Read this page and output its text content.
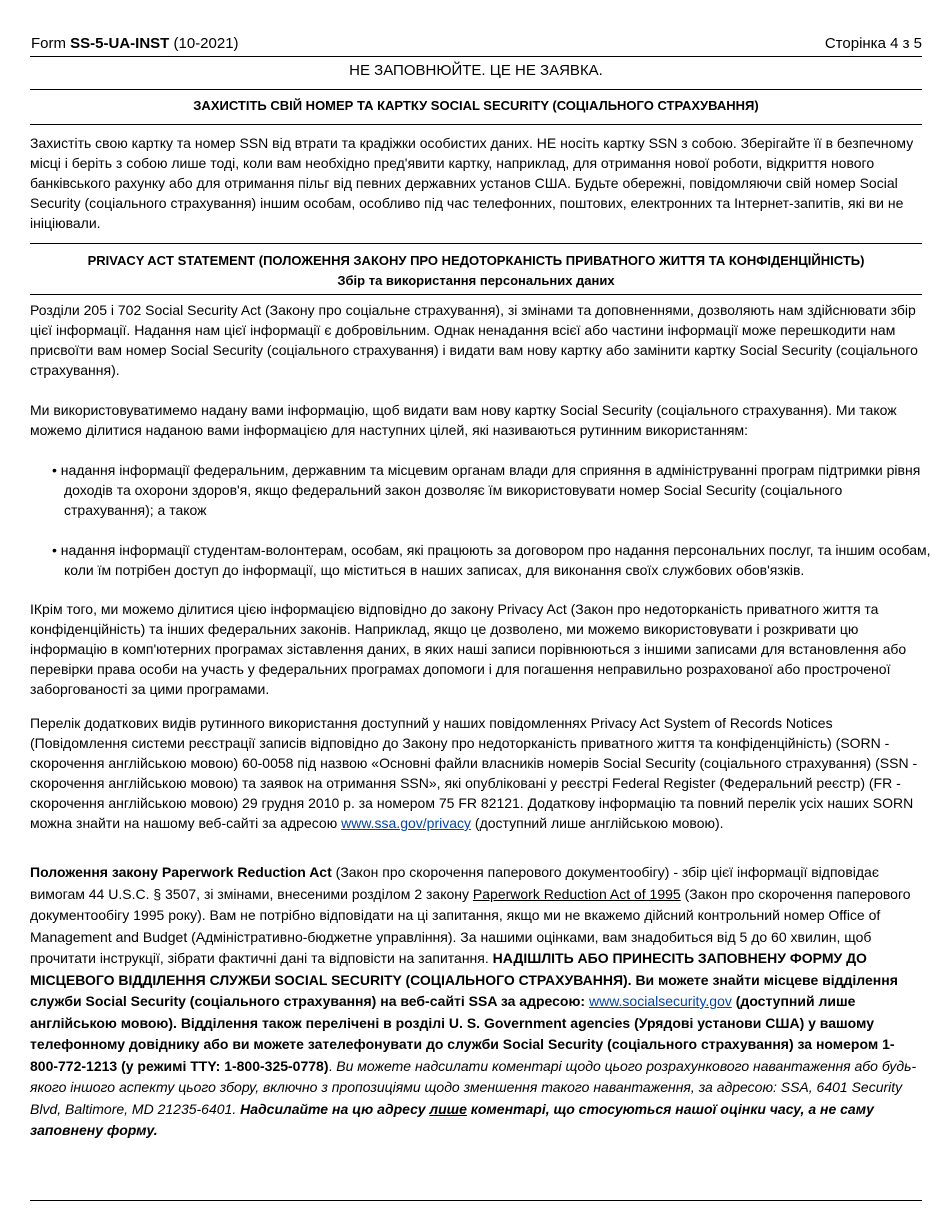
Form SS-5-UA-INST (10-2021)	Сторінка 4 з 5
НЕ ЗАПОВНЮЙТЕ. ЦЕ НЕ ЗАЯВКА.
ЗАХИСТІТЬ СВІЙ НОМЕР ТА КАРТКУ SOCIAL SECURITY (СОЦІАЛЬНОГО СТРАХУВАННЯ)
Захистіть свою картку та номер SSN від втрати та крадіжки особистих даних. НЕ носіть картку SSN з собою. Зберігайте її в безпечному місці і беріть з собою лише тоді, коли вам необхідно пред'явити картку, наприклад, для отримання нової роботи, відкриття нового банківського рахунку або для отримання пільг від певних державних установ США. Будьте обережні, повідомляючи свій номер Social Security (соціального страхування) іншим особам, особливо під час телефонних, поштових, електронних та Інтернет-запитів, які ви не ініціювали.
PRIVACY ACT STATEMENT (ПОЛОЖЕННЯ ЗАКОНУ ПРО НЕДОТОРКАНІСТЬ ПРИВАТНОГО ЖИТТЯ ТА КОНФІДЕНЦІЙНІСТЬ)
Збір та використання персональних даних
Розділи 205 і 702 Social Security Act (Закону про соціальне страхування), зі змінами та доповненнями, дозволяють нам здійснювати збір цієї інформації. Надання нам цієї інформації є добровільним. Однак ненадання всієї або частини інформації може перешкодити нам присвоїти вам номер Social Security (соціального страхування) і видати вам нову картку або замінити картку Social Security (соціального страхування).
Ми використовуватимемо надану вами інформацію, щоб видати вам нову картку Social Security (соціального страхування). Ми також можемо ділитися наданою вами інформацією для наступних цілей, які називаються рутинним використанням:
• надання інформації федеральним, державним та місцевим органам влади для сприяння в адмініструванні програм підтримки рівня доходів та охорони здоров'я, якщо федеральний закон дозволяє їм використовувати номер Social Security (соціального страхування); а також
• надання інформації студентам-волонтерам, особам, які працюють за договором про надання персональних послуг, та іншим особам, коли їм потрібен доступ до інформації, що міститься в наших записах, для виконання своїх службових обов'язків.
ІКрім того, ми можемо ділитися цією інформацією відповідно до закону Privacy Act (Закон про недоторканість приватного життя та конфіденційність) та інших федеральних законів. Наприклад, якщо це дозволено, ми можемо використовувати і розкривати цю інформацію в комп'ютерних програмах зіставлення даних, в яких наші записи порівнюються з іншими записами для встановлення або перевірки права особи на участь у федеральних програмах допомоги і для погашення неправильно розрахованої або простроченої заборгованості за цими програмами.
Перелік додаткових видів рутинного використання доступний у наших повідомленнях Privacy Act System of Records Notices (Повідомлення системи реєстрації записів відповідно до Закону про недоторканість приватного життя та конфіденційність) (SORN - скорочення англійською мовою) 60-0058 під назвою «Основні файли власників номерів Social Security (соціального страхування) (SSN - скорочення англійською мовою) та заявок на отримання SSN», які опубліковані у реєстрі Federal Register (Федеральний реєстр) (FR - скорочення англійською мовою) 29 грудня 2010 р. за номером 75 FR 82121. Додаткову інформацію та повний перелік усіх наших SORN можна знайти на нашому веб-сайті за адресою www.ssa.gov/privacy (доступний лише англійською мовою).
Положення закону Paperwork Reduction Act (Закон про скорочення паперового документообігу) - збір цієї інформації відповідає вимогам 44 U.S.C. § 3507, зі змінами, внесеними розділом 2 закону Paperwork Reduction Act of 1995 (Закон про скорочення паперового документообігу 1995 року). Вам не потрібно відповідати на ці запитання, якщо ми не вкажемо дійсний контрольний номер Office of Management and Budget (Адміністративно-бюджетне управління). За нашими оцінками, вам знадобиться від 5 до 60 хвилин, щоб прочитати інструкції, зібрати фактичні дані та відповісти на запитання. НАДІШЛІТЬ АБО ПРИНЕСІТЬ ЗАПОВНЕНУ ФОРМУ ДО МІСЦЕВОГО ВІДДІЛЕННЯ СЛУЖБИ SOCIAL SECURITY (СОЦІАЛЬНОГО СТРАХУВАННЯ). Ви можете знайти місцеве відділення служби Social Security (соціального страхування) на веб-сайті SSA за адресою: www.socialsecurity.gov (доступний лише англійською мовою). Відділення також перелічені в розділі U. S. Government agencies (Урядові установи США) у вашому телефонному довіднику або ви можете зателефонувати до служби Social Security (соціального страхування) за номером 1-800-772-1213 (у режимі TTY: 1-800-325-0778). Ви можете надсилати коментарі щодо цього розрахункового навантаження або будь-якого іншого аспекту цього збору, включно з пропозиціями щодо зменшення такого навантаження, за адресою: SSA, 6401 Security Blvd, Baltimore, MD 21235-6401. Надсилайте на цю адресу лише коментарі, що стосуються нашої оцінки часу, а не саму заповнену форму.
